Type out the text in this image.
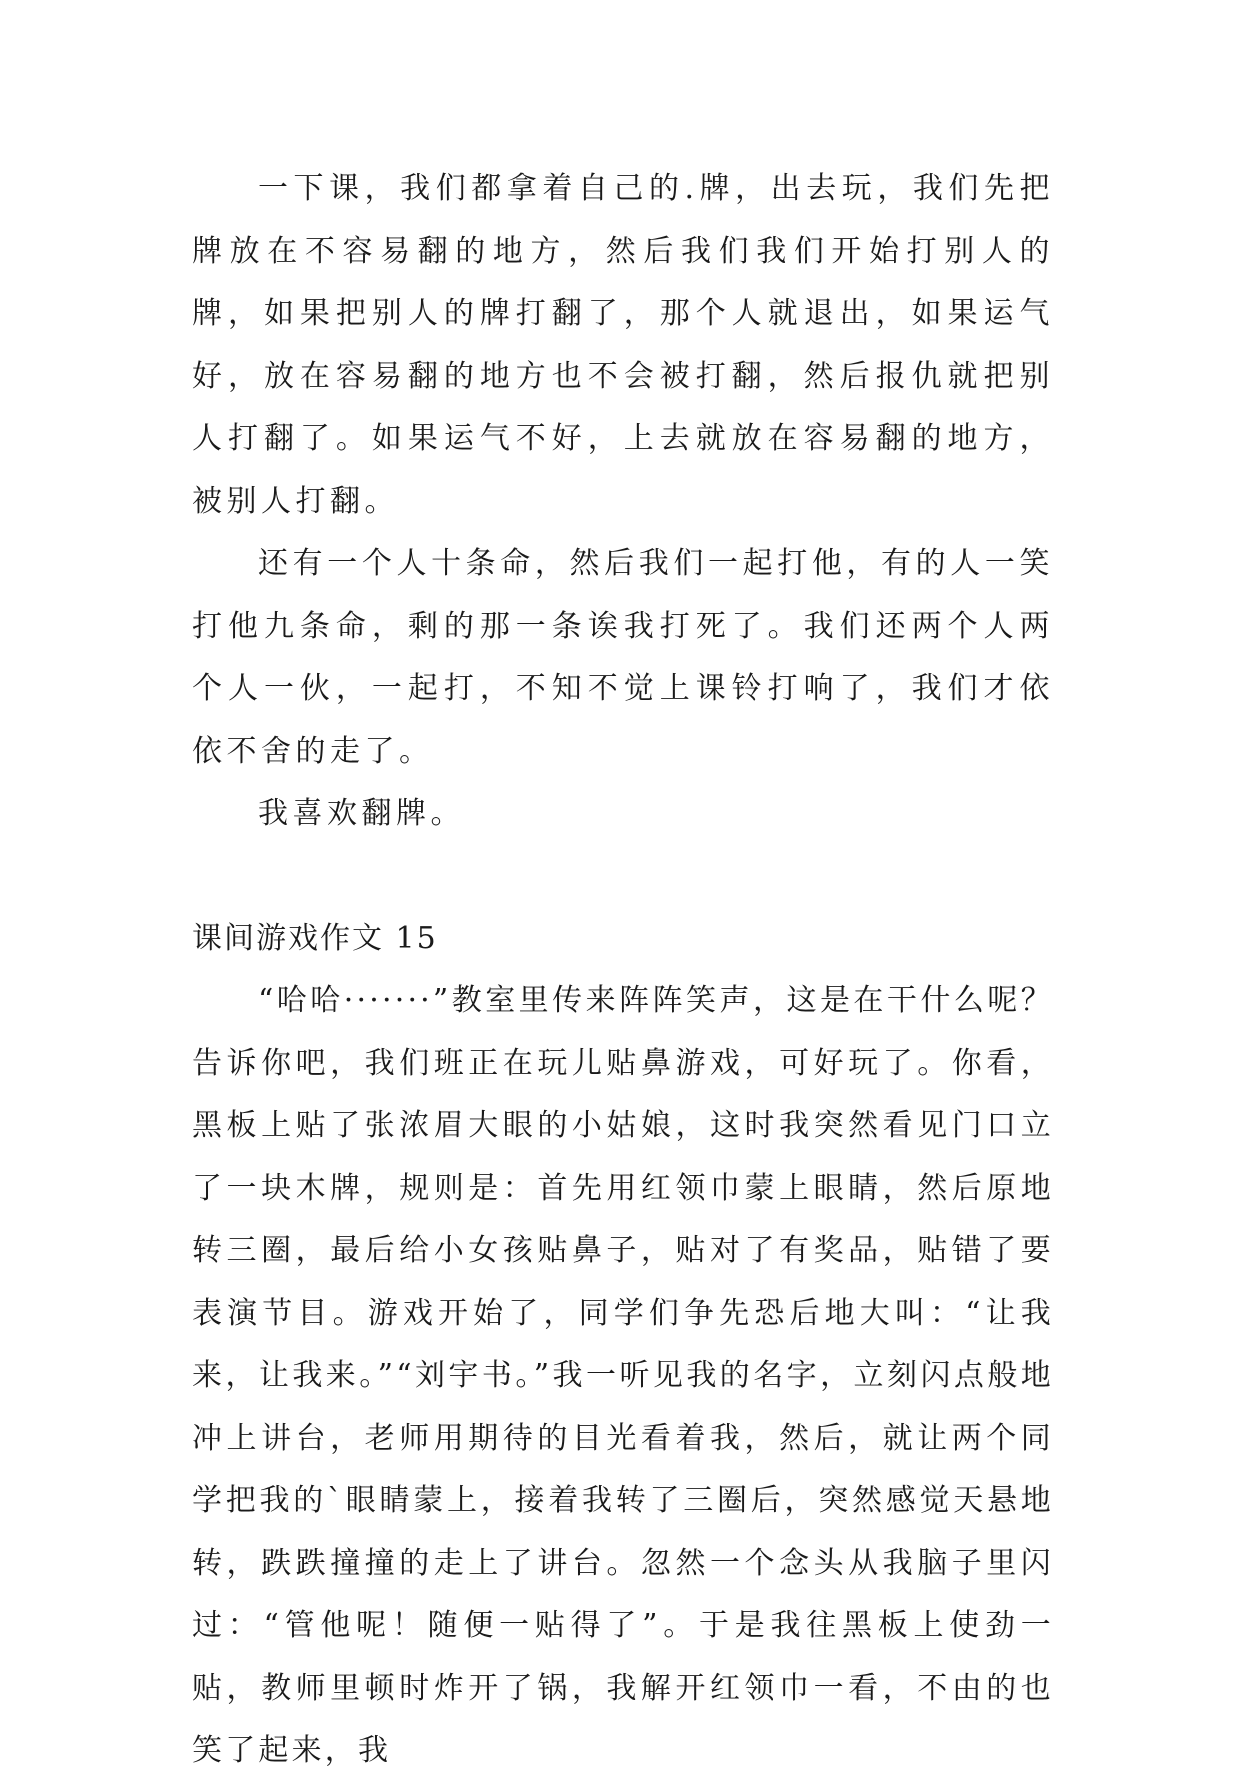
一下课，我们都拿着自己的.牌，出去玩，我们先把牌放在不容易翻的地方，然后我们我们开始打别人的牌，如果把别人的牌打翻了，那个人就退出，如果运气好，放在容易翻的地方也不会被打翻，然后报仇就把别人打翻了。如果运气不好，上去就放在容易翻的地方，被别人打翻。

还有一个人十条命，然后我们一起打他，有的人一笑打他九条命，剩的那一条诶我打死了。我们还两个人两个人一伙，一起打，不知不觉上课铃打响了，我们才依依不舍的走了。

我喜欢翻牌。

课间游戏作文 15

“哈哈·······”教室里传来阵阵笑声，这是在干什么呢？告诉你吧，我们班正在玩儿贴鼻游戏，可好玩了。你看，黑板上贴了张浓眉大眼的小姑娘，这时我突然看见门口立了一块木牌，规则是：首先用红领巾蒙上眼睛，然后原地转三圈，最后给小女孩贴鼻子，贴对了有奖品，贴错了要表演节目。游戏开始了，同学们争先恐后地大叫：“让我来，让我来。”“刘宇书。”我一听见我的名字，立刻闪点般地冲上讲台，老师用期待的目光看着我，然后，就让两个同学把我的`眼睛蒙上，接着我转了三圈后，突然感觉天悬地转，跌跌撞撞的走上了讲台。忽然一个念头从我脑子里闪过：“管他呢！随便一贴得了”。于是我往黑板上使劲一贴，教师里顿时炸开了锅，我解开红领巾一看，不由的也笑了起来，我
